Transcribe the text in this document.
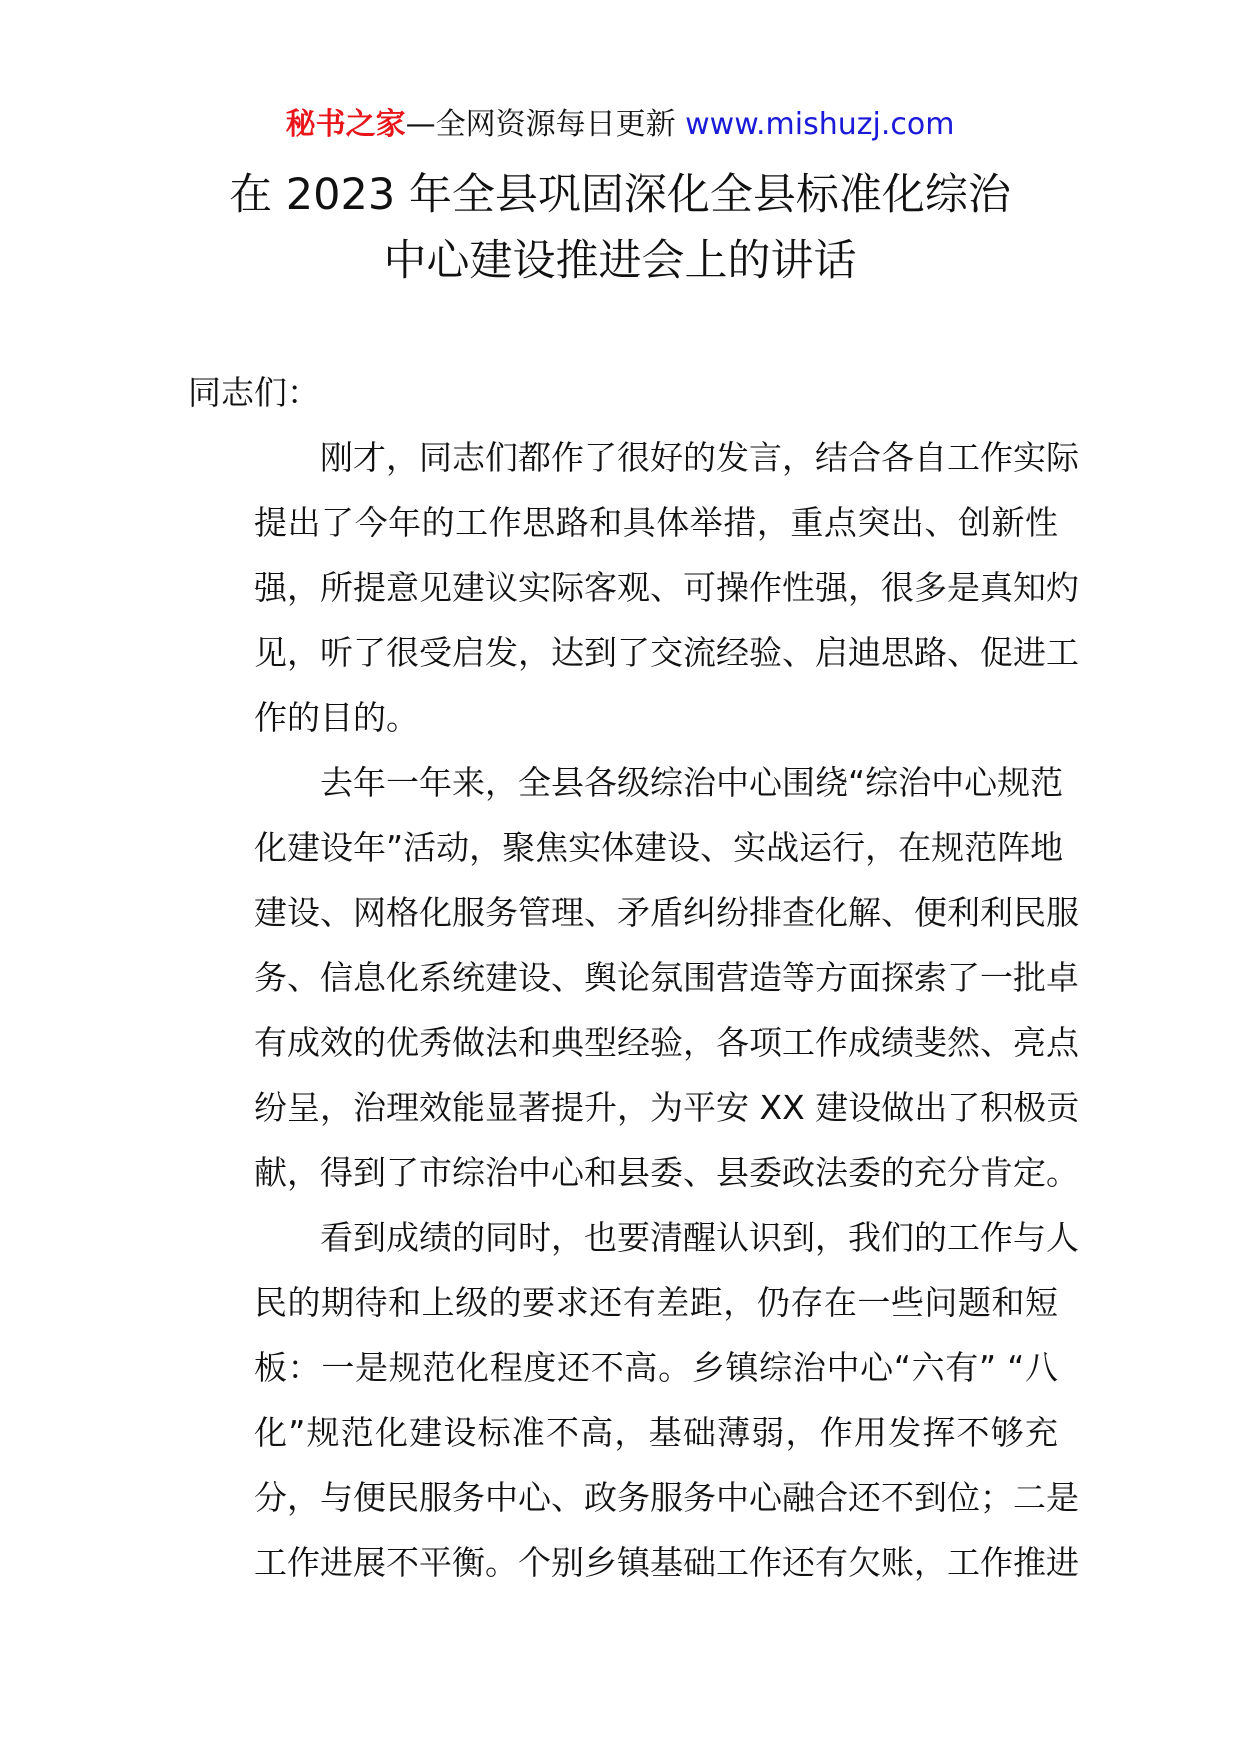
秘书之家—全网资源每日更新 www.mishuzj.com
在 2023 年全县巩固深化全县标准化综治
中心建设推进会上的讲话
同志们：
刚才，同志们都作了很好的发言，结合各自工作实际
提出了今年的工作思路和具体举措，重点突出、创新性
强，所提意见建议实际客观、可操作性强，很多是真知灼
见，听了很受启发，达到了交流经验、启迪思路、促进工
作的目的。
去年一年来，全县各级综治中心围绕“综治中心规范
化建设年”活动，聚焦实体建设、实战运行，在规范阵地
建设、网格化服务管理、矛盾纠纷排查化解、便利利民服
务、信息化系统建设、舆论氛围营造等方面探索了一批卓
有成效的优秀做法和典型经验，各项工作成绩斐然、亮点
纷呈，治理效能显著提升，为平安 XX 建设做出了积极贡
献，得到了市综治中心和县委、县委政法委的充分肯定。
看到成绩的同时，也要清醒认识到，我们的工作与人
民的期待和上级的要求还有差距，仍存在一些问题和短
板：一是规范化程度还不高。乡镇综治中心“六有” “八
化”规范化建设标准不高，基础薄弱，作用发挥不够充
分，与便民服务中心、政务服务中心融合还不到位；二是
工作进展不平衡。个别乡镇基础工作还有欠账，工作推进
